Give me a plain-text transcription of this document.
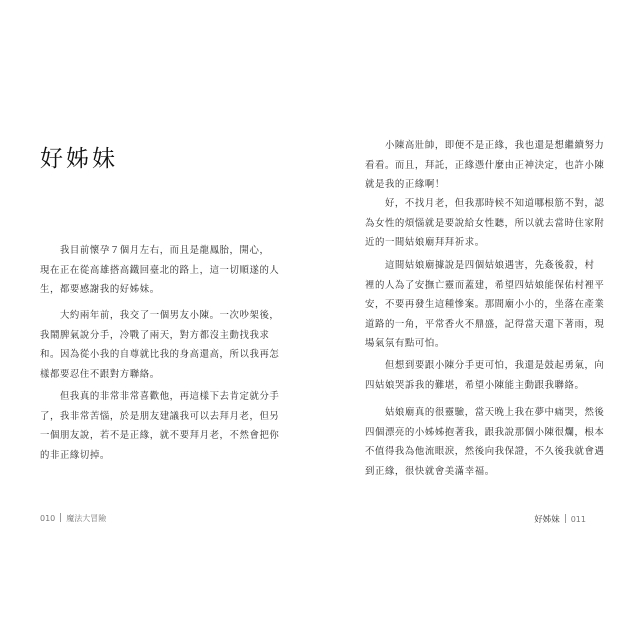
好姊妹
　　我目前懷孕７個月左右，而且是龍鳳胎，開心，
現在正在從高雄搭高鐵回臺北的路上，這一切順遂的人
生，都要感謝我的好姊妹。
　　大約兩年前，我交了一個男友小陳。一次吵架後，
我鬧脾氣說分手，冷戰了兩天，對方都沒主動找我求
和。因為從小我的自尊就比我的身高還高，所以我再怎
樣都要忍住不跟對方聯絡。
　　但我真的非常非常喜歡他，再這樣下去肯定就分手
了，我非常苦惱，於是朋友建議我可以去拜月老，但另
一個朋友說，若不是正緣，就不要拜月老，不然會把你
的非正緣切掉。
010 魔法大冒險
　　小陳高壯帥，即便不是正緣，我也還是想繼續努力
看看。而且，拜託，正緣憑什麼由正神決定，也許小陳
就是我的正緣啊！
　　好，不找月老，但我那時候不知道哪根筋不對，認
為女性的煩惱就是要說給女性聽，所以就去當時住家附
近的一間姑娘廟拜拜祈求。
　　這間姑娘廟據說是四個姑娘遇害，先姦後殺，村
裡的人為了安撫亡靈而蓋建，希望四姑娘能保佑村裡平
安，不要再發生這種慘案。那間廟小小的，坐落在產業
道路的一角，平常香火不鼎盛，記得當天還下著雨，現
場氣氛有點可怕。
　　但想到要跟小陳分手更可怕，我還是鼓起勇氣，向
四姑娘哭訴我的難堪，希望小陳能主動跟我聯絡。
　　姑娘廟真的很靈驗，當天晚上我在夢中痛哭，然後
四個漂亮的小姊姊抱著我，跟我說那個小陳很爛，根本
不值得我為他流眼淚，然後向我保證，不久後我就會遇
到正緣，很快就會美滿幸福。
好姊妹 011
